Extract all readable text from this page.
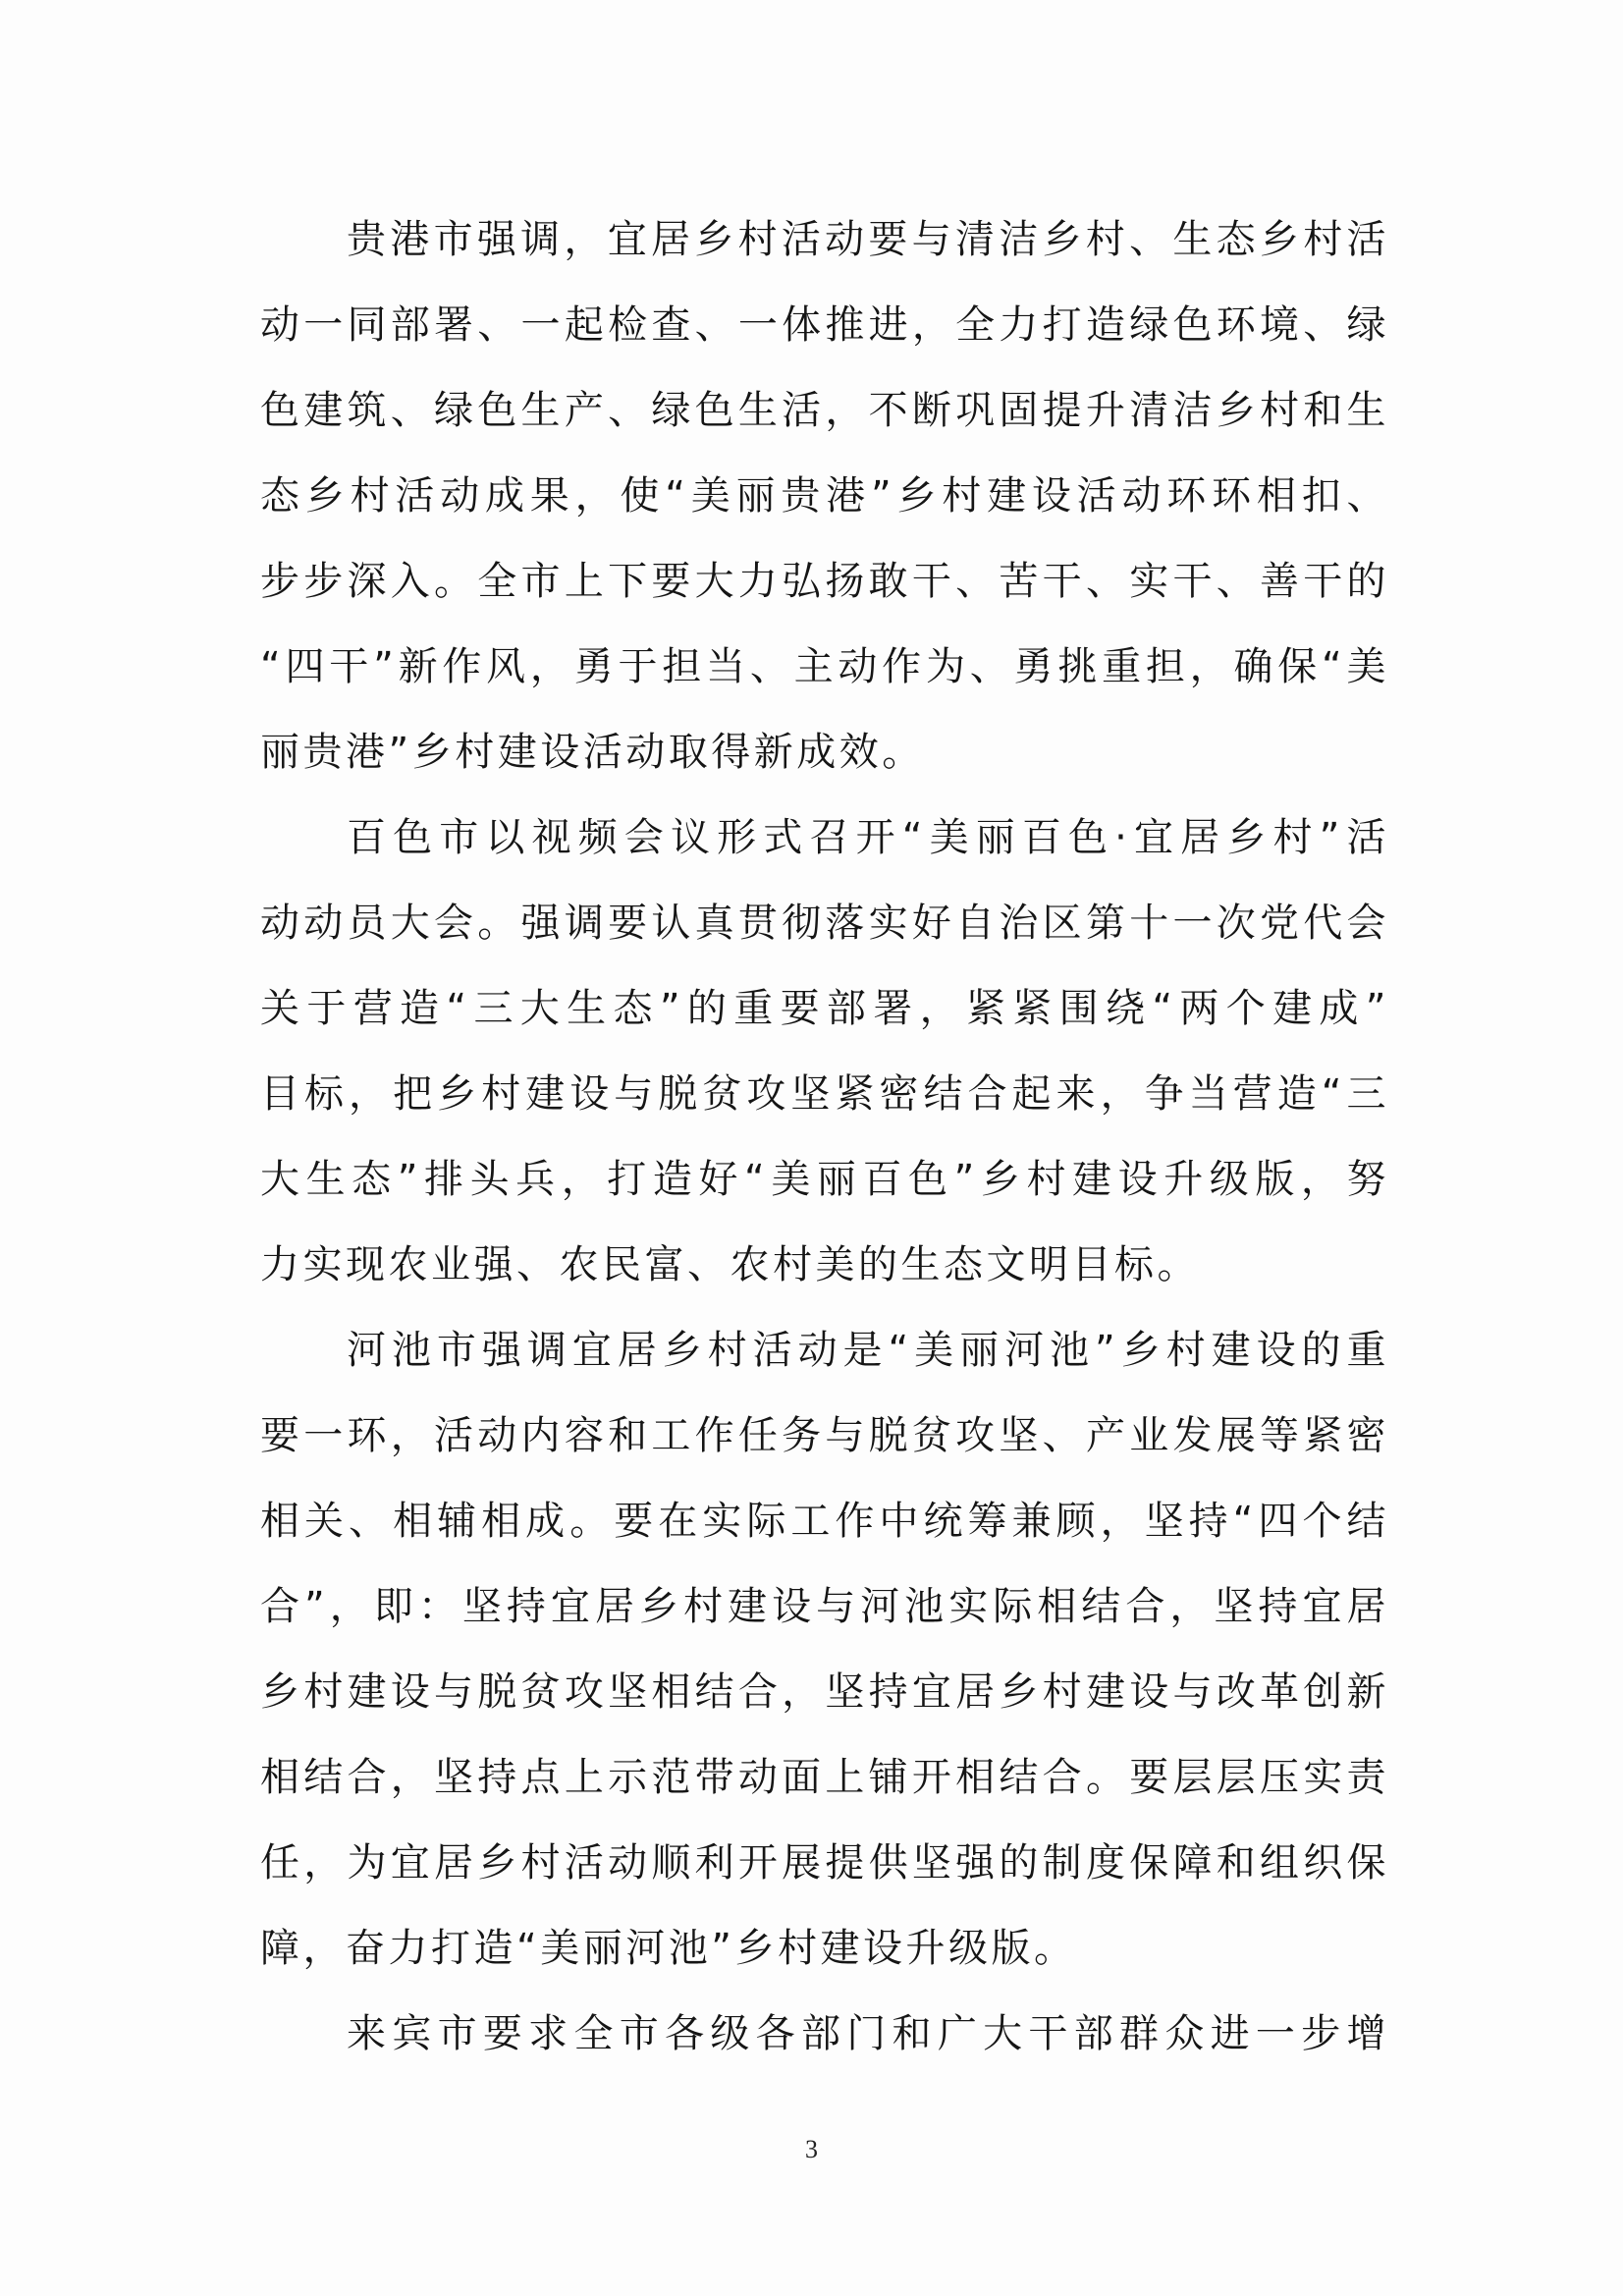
贵港市强调，宜居乡村活动要与清洁乡村、生态乡村活
动一同部署、一起检查、一体推进，全力打造绿色环境、绿
色建筑、绿色生产、绿色生活，不断巩固提升清洁乡村和生
态乡村活动成果，使“美丽贵港”乡村建设活动环环相扣、
步步深入。全市上下要大力弘扬敢干、苦干、实干、善干的
“四干”新作风，勇于担当、主动作为、勇挑重担，确保“美
丽贵港”乡村建设活动取得新成效。
百色市以视频会议形式召开“美丽百色·宜居乡村”活
动动员大会。强调要认真贯彻落实好自治区第十一次党代会
关于营造“三大生态”的重要部署，紧紧围绕“两个建成”
目标，把乡村建设与脱贫攻坚紧密结合起来，争当营造“三
大生态”排头兵，打造好“美丽百色”乡村建设升级版，努
力实现农业强、农民富、农村美的生态文明目标。
河池市强调宜居乡村活动是“美丽河池”乡村建设的重
要一环，活动内容和工作任务与脱贫攻坚、产业发展等紧密
相关、相辅相成。要在实际工作中统筹兼顾，坚持“四个结
合”，即：坚持宜居乡村建设与河池实际相结合，坚持宜居
乡村建设与脱贫攻坚相结合，坚持宜居乡村建设与改革创新
相结合，坚持点上示范带动面上铺开相结合。要层层压实责
任，为宜居乡村活动顺利开展提供坚强的制度保障和组织保
障，奋力打造“美丽河池”乡村建设升级版。
来宾市要求全市各级各部门和广大干部群众进一步增
3
